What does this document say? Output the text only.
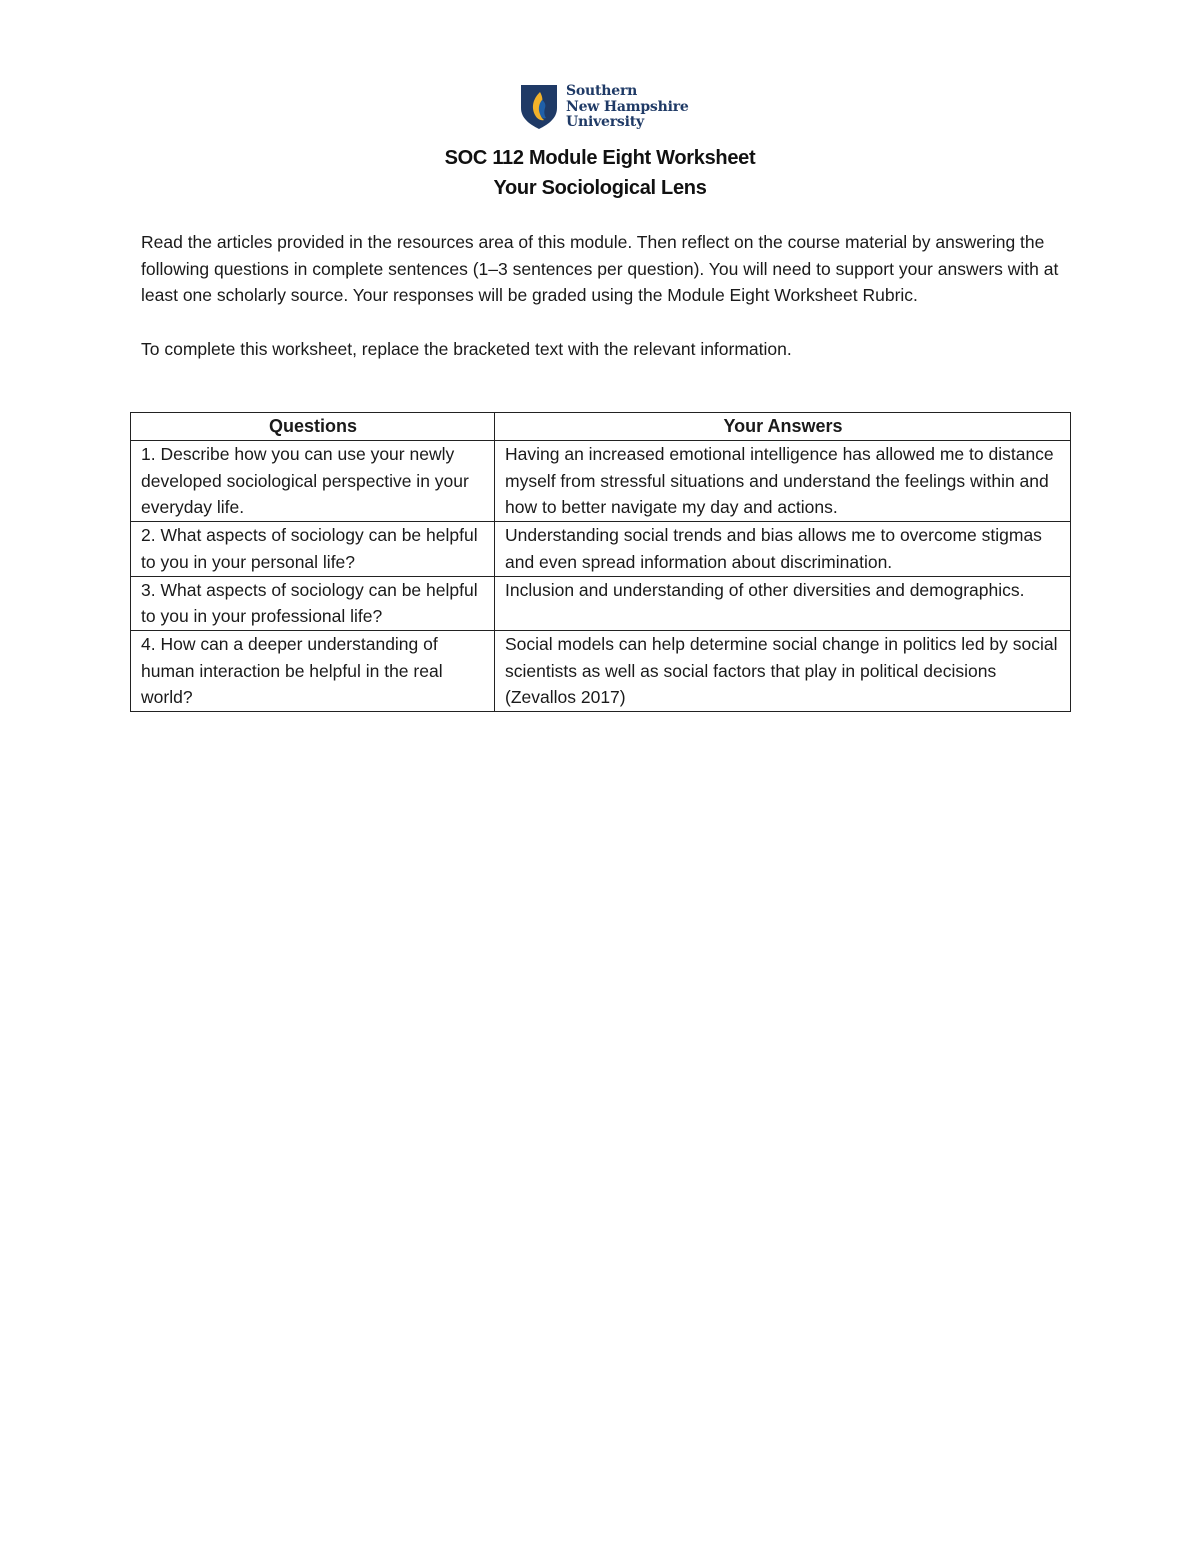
Southern
New Hampshire
University
SOC 112 Module Eight Worksheet
Your Sociological Lens

Read the articles provided in the resources area of this module. Then reflect on the course material by answering the following questions in complete sentences (1–3 sentences per question). You will need to support your answers with at least one scholarly source. Your responses will be graded using the Module Eight Worksheet Rubric.

To complete this worksheet, replace the bracketed text with the relevant information.

Questions	Your Answers
1. Describe how you can use your newly developed sociological perspective in your everyday life.	Having an increased emotional intelligence has allowed me to distance myself from stressful situations and understand the feelings within and how to better navigate my day and actions.
2. What aspects of sociology can be helpful to you in your personal life?	Understanding social trends and bias allows me to overcome stigmas and even spread information about discrimination.
3. What aspects of sociology can be helpful to you in your professional life?	Inclusion and understanding of other diversities and demographics.
4. How can a deeper understanding of human interaction be helpful in the real world?	Social models can help determine social change in politics led by social scientists as well as social factors that play in political decisions (Zevallos 2017)
